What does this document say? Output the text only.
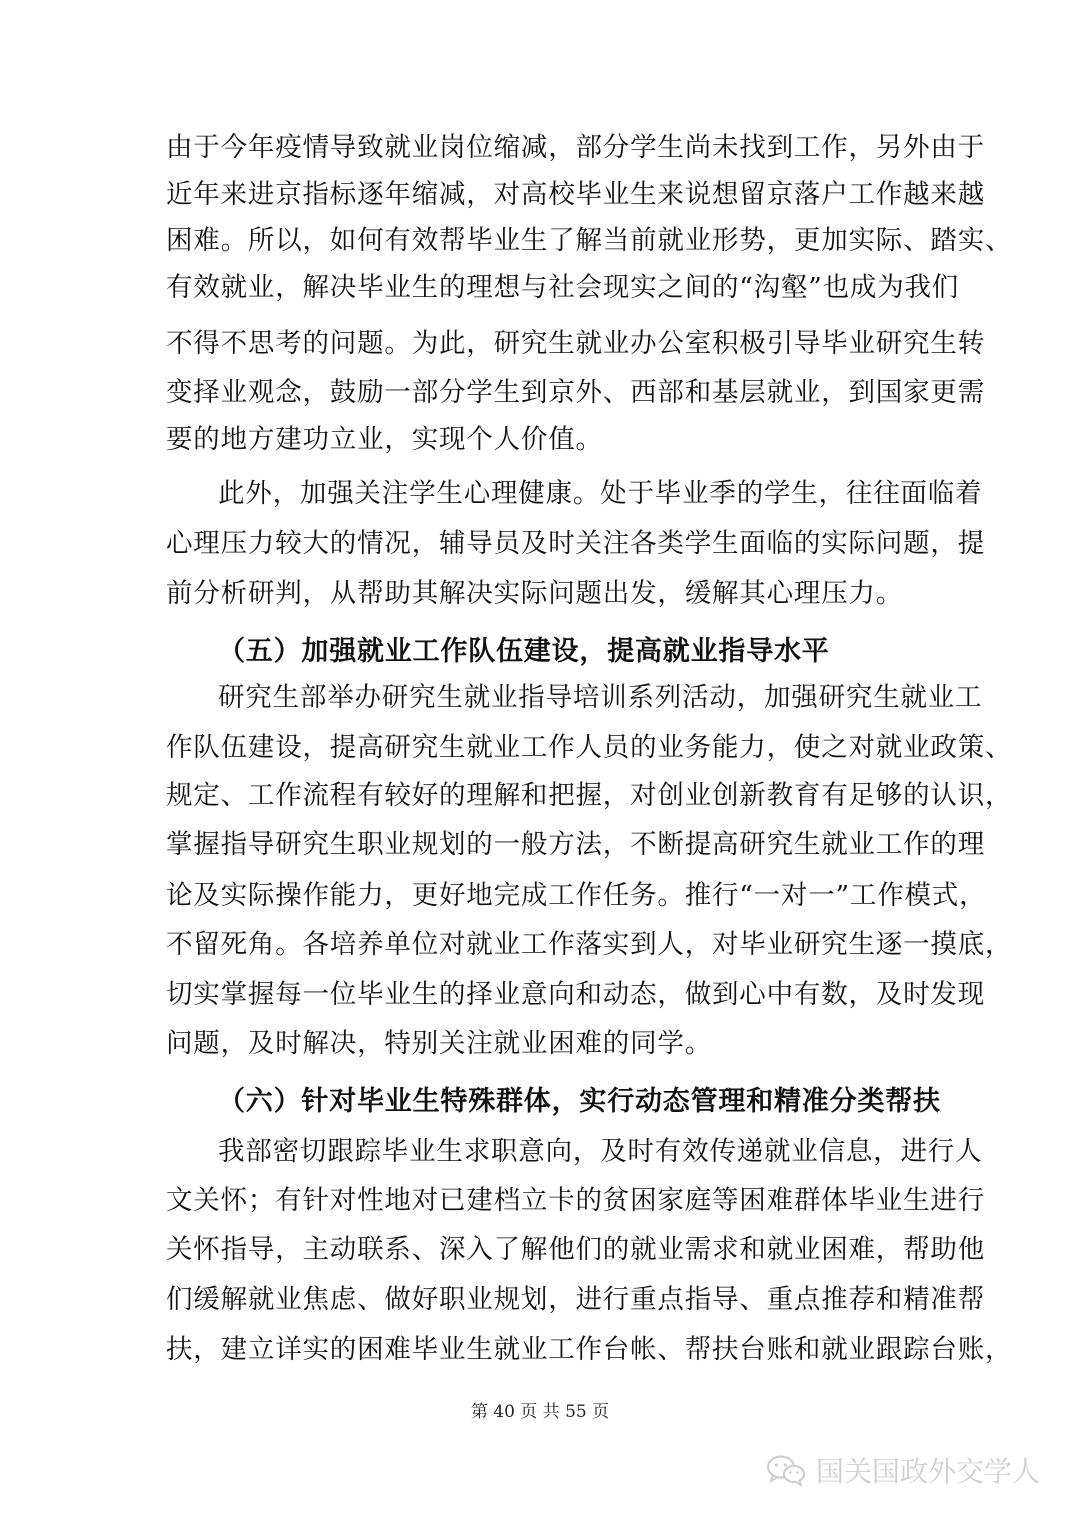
由于今年疫情导致就业岗位缩减，部分学生尚未找到工作，另外由于
近年来进京指标逐年缩减，对高校毕业生来说想留京落户工作越来越
困难。所以，如何有效帮毕业生了解当前就业形势，更加实际、踏实、
有效就业，解决毕业生的理想与社会现实之间的“沟壑”也成为我们
不得不思考的问题。为此，研究生就业办公室积极引导毕业研究生转
变择业观念，鼓励一部分学生到京外、西部和基层就业，到国家更需
要的地方建功立业，实现个人价值。
此外，加强关注学生心理健康。处于毕业季的学生，往往面临着
心理压力较大的情况，辅导员及时关注各类学生面临的实际问题，提
前分析研判，从帮助其解决实际问题出发，缓解其心理压力。
（五）加强就业工作队伍建设，提高就业指导水平
研究生部举办研究生就业指导培训系列活动，加强研究生就业工
作队伍建设，提高研究生就业工作人员的业务能力，使之对就业政策、
规定、工作流程有较好的理解和把握，对创业创新教育有足够的认识，
掌握指导研究生职业规划的一般方法，不断提高研究生就业工作的理
论及实际操作能力，更好地完成工作任务。推行“一对一”工作模式，
不留死角。各培养单位对就业工作落实到人，对毕业研究生逐一摸底，
切实掌握每一位毕业生的择业意向和动态，做到心中有数，及时发现
问题，及时解决，特别关注就业困难的同学。
（六）针对毕业生特殊群体，实行动态管理和精准分类帮扶
我部密切跟踪毕业生求职意向，及时有效传递就业信息，进行人
文关怀；有针对性地对已建档立卡的贫困家庭等困难群体毕业生进行
关怀指导，主动联系、深入了解他们的就业需求和就业困难，帮助他
们缓解就业焦虑、做好职业规划，进行重点指导、重点推荐和精准帮
扶，建立详实的困难毕业生就业工作台帐、帮扶台账和就业跟踪台账，
第 40 页 共 55 页
国关国政外交学人
